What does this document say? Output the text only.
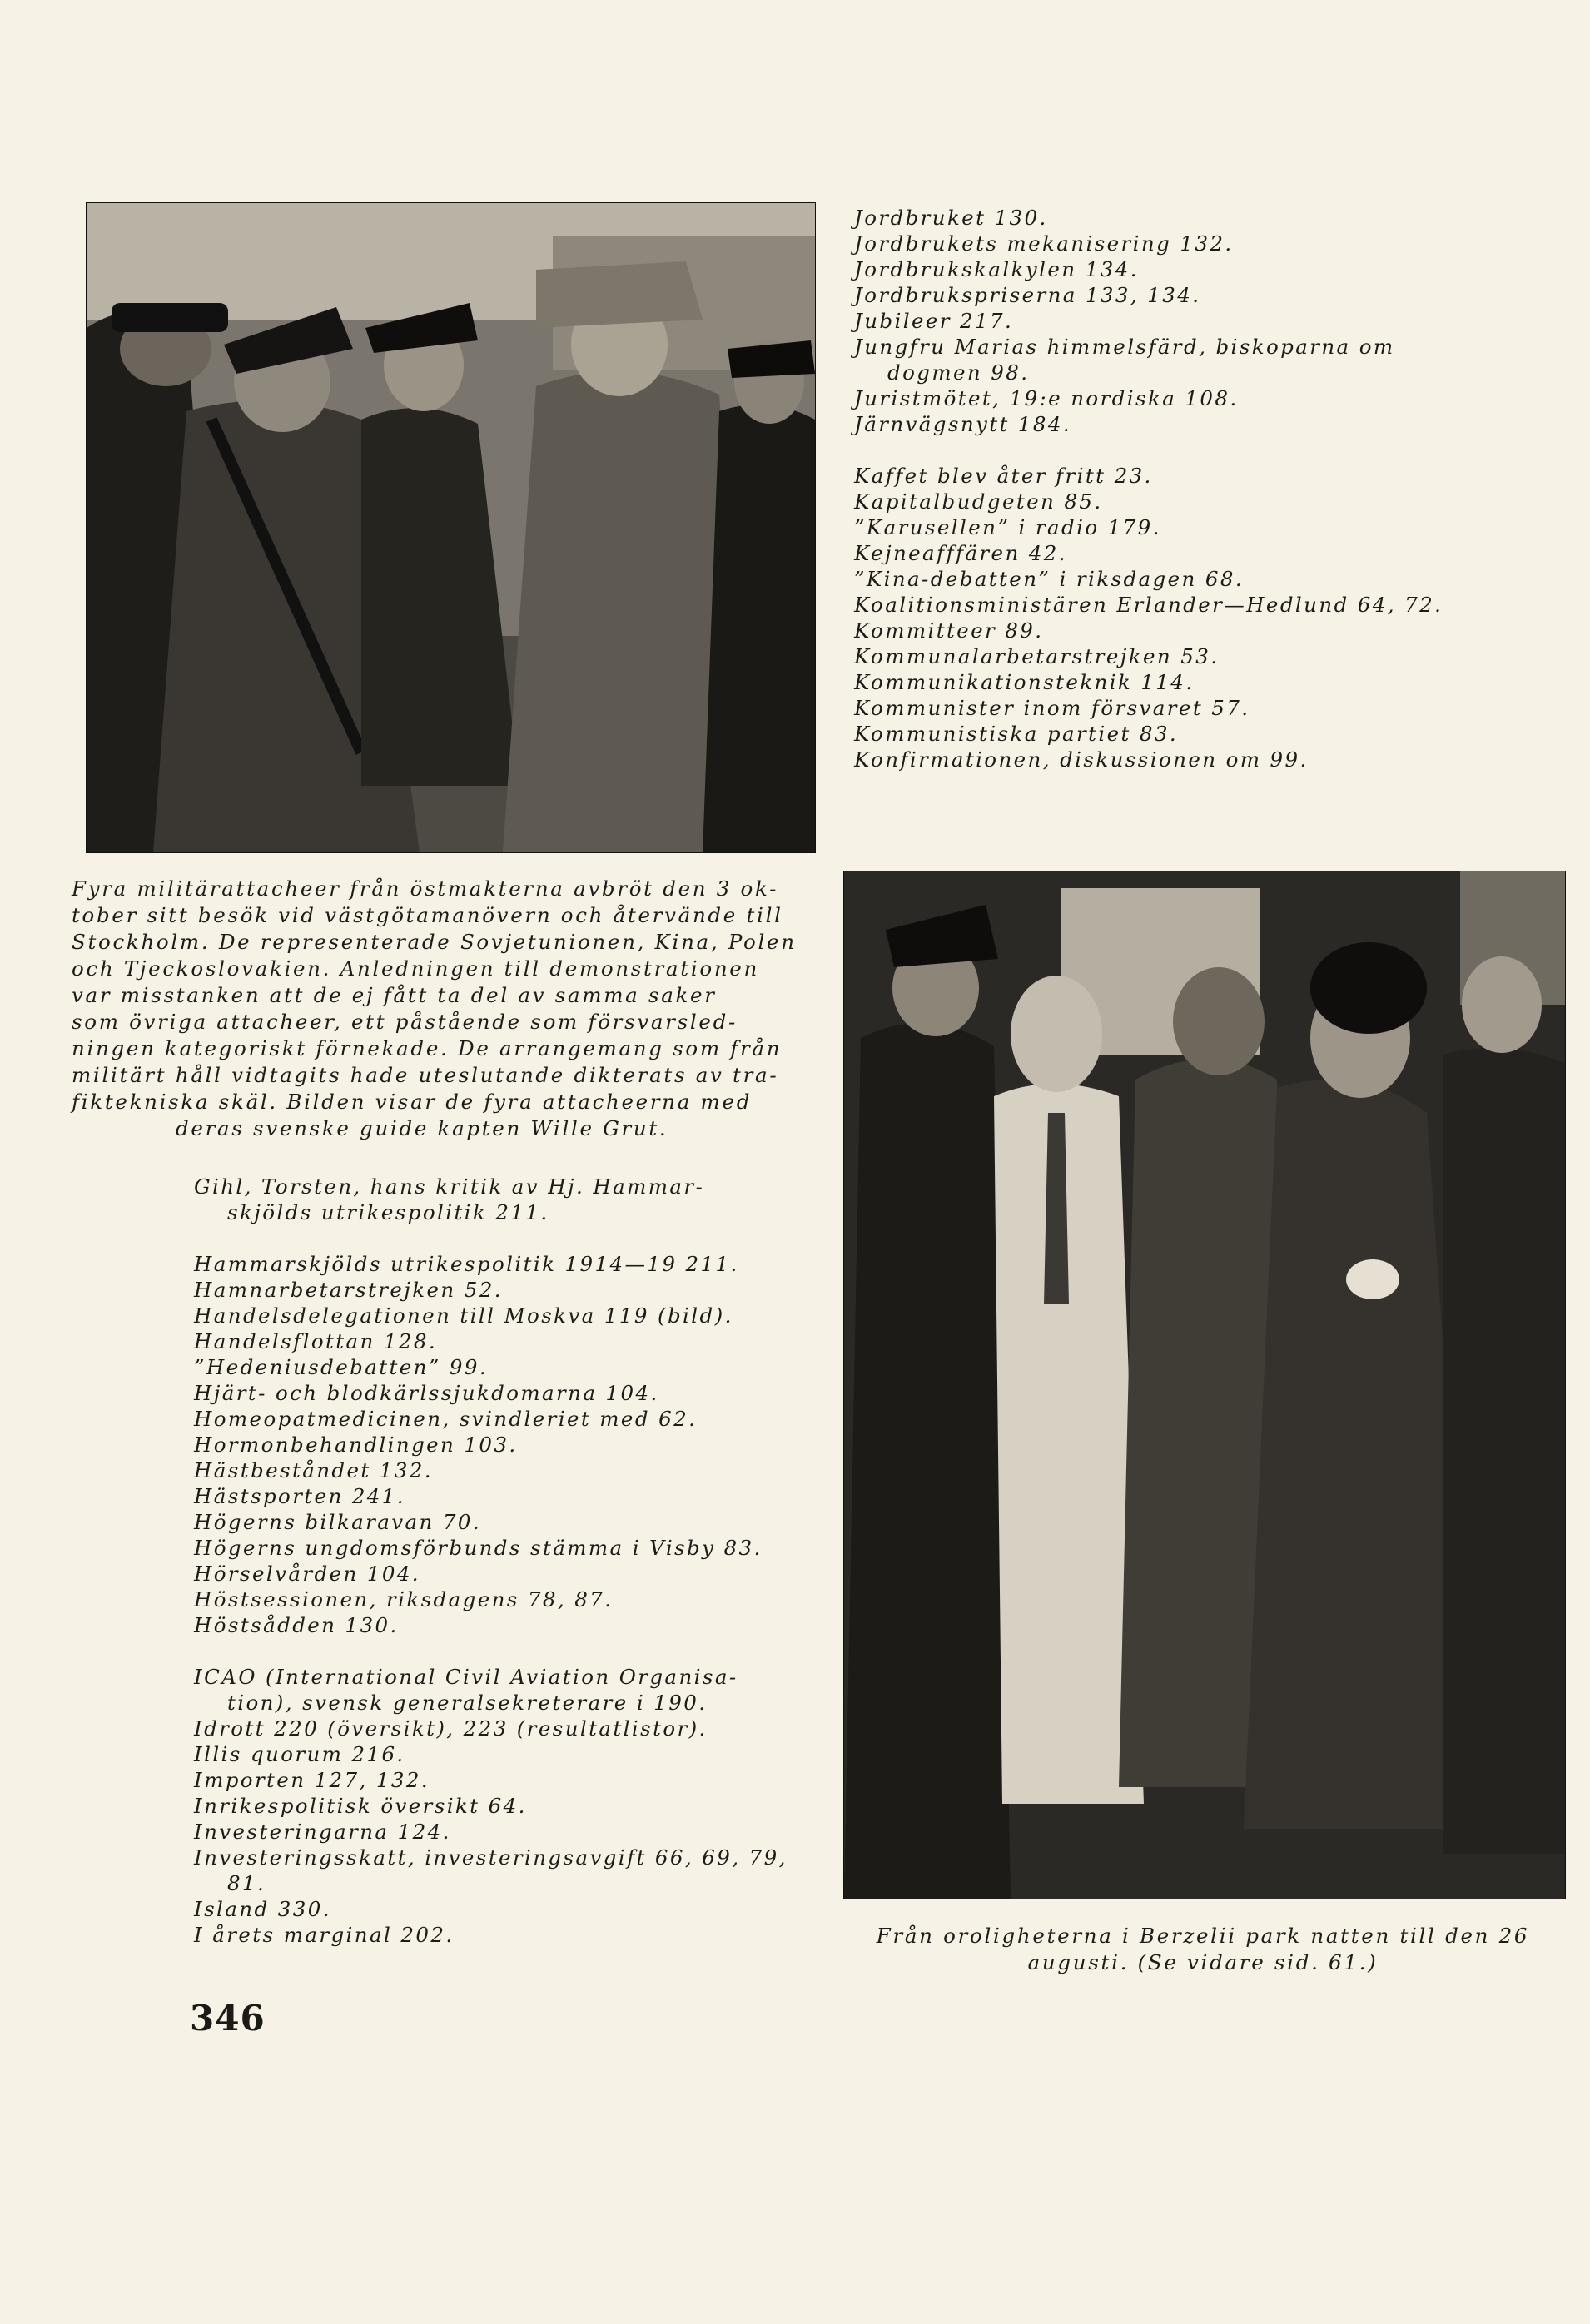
Jordbruket 130.
Jordbrukets mekanisering 132.
Jordbrukskalkylen 134.
Jordbrukspriserna 133, 134.
Jubileer 217.
Jungfru Marias himmelsfärd, biskoparna om
dogmen 98.
Juristmötet, 19:e nordiska 108.
Järnvägsnytt 184.
Kaffet blev åter fritt 23.
Kapitalbudgeten 85.
”Karusellen” i radio 179.
Kejneafffären 42.
”Kina-debatten” i riksdagen 68.
Koalitionsministären Erlander—Hedlund 64, 72.
Kommitteer 89.
Kommunalarbetarstrejken 53.
Kommunikationsteknik 114.
Kommunister inom försvaret 57.
Kommunistiska partiet 83.
Konfirmationen, diskussionen om 99.
Fyra militärattacheer från östmakterna avbröt den 3 ok-
tober sitt besök vid västgötamanövern och återvände till
Stockholm. De representerade Sovjetunionen, Kina, Polen
och Tjeckoslovakien. Anledningen till demonstrationen
var misstanken att de ej fått ta del av samma saker
som övriga attacheer, ett påstående som försvarsled-
ningen kategoriskt förnekade. De arrangemang som från
militärt håll vidtagits hade uteslutande dikterats av tra-
fiktekniska skäl. Bilden visar de fyra attacheerna med
deras svenske guide kapten Wille Grut.
Gihl, Torsten, hans kritik av Hj. Hammar-
skjölds utrikespolitik 211.
Hammarskjölds utrikespolitik 1914—19 211.
Hamnarbetarstrejken 52.
Handelsdelegationen till Moskva 119 (bild).
Handelsflottan 128.
”Hedeniusdebatten” 99.
Hjärt- och blodkärlssjukdomarna 104.
Homeopatmedicinen, svindleriet med 62.
Hormonbehandlingen 103.
Hästbeståndet 132.
Hästsporten 241.
Högerns bilkaravan 70.
Högerns ungdomsförbunds stämma i Visby 83.
Hörselvården 104.
Höstsessionen, riksdagens 78, 87.
Höstsådden 130.
ICAO (International Civil Aviation Organisa-
tion), svensk generalsekreterare i 190.
Idrott 220 (översikt), 223 (resultatlistor).
Illis quorum 216.
Importen 127, 132.
Inrikespolitisk översikt 64.
Investeringarna 124.
Investeringsskatt, investeringsavgift 66, 69, 79,
81.
Island 330.
I årets marginal 202.	Från oroligheterna i Berzelii park natten till den 26
augusti. (Se vidare sid. 61.)
346
